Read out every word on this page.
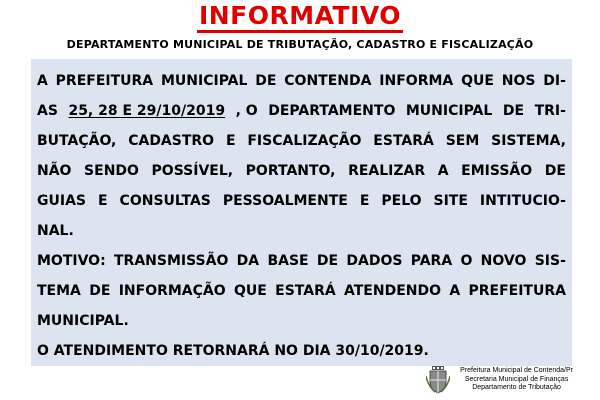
INFORMATIVO
DEPARTAMENTO MUNICIPAL DE TRIBUTAÇÃO, CADASTRO E FISCALIZAÇÃO
A PREFEITURA MUNICIPAL DE CONTENDA INFORMA QUE NOS DI-
AS 25, 28 E 29/10/2019 , O DEPARTAMENTO MUNICIPAL DE TRI-
BUTAÇÃO, CADASTRO E FISCALIZAÇÃO ESTARÁ SEM SISTEMA,
NÃO SENDO POSSÍVEL, PORTANTO, REALIZAR A EMISSÃO DE
GUIAS E CONSULTAS PESSOALMENTE E PELO SITE INTITUCIO-
NAL.
MOTIVO: TRANSMISSÃO DA BASE DE DADOS PARA O NOVO SIS-
TEMA DE INFORMAÇÃO QUE ESTARÁ ATENDENDO A PREFEITURA
MUNICIPAL.
O ATENDIMENTO RETORNARÁ NO DIA 30/10/2019.
Prefeitura Municipal de Contenda/Pr
Secretaria Municipal de Finanças
Departamento de Tributação
